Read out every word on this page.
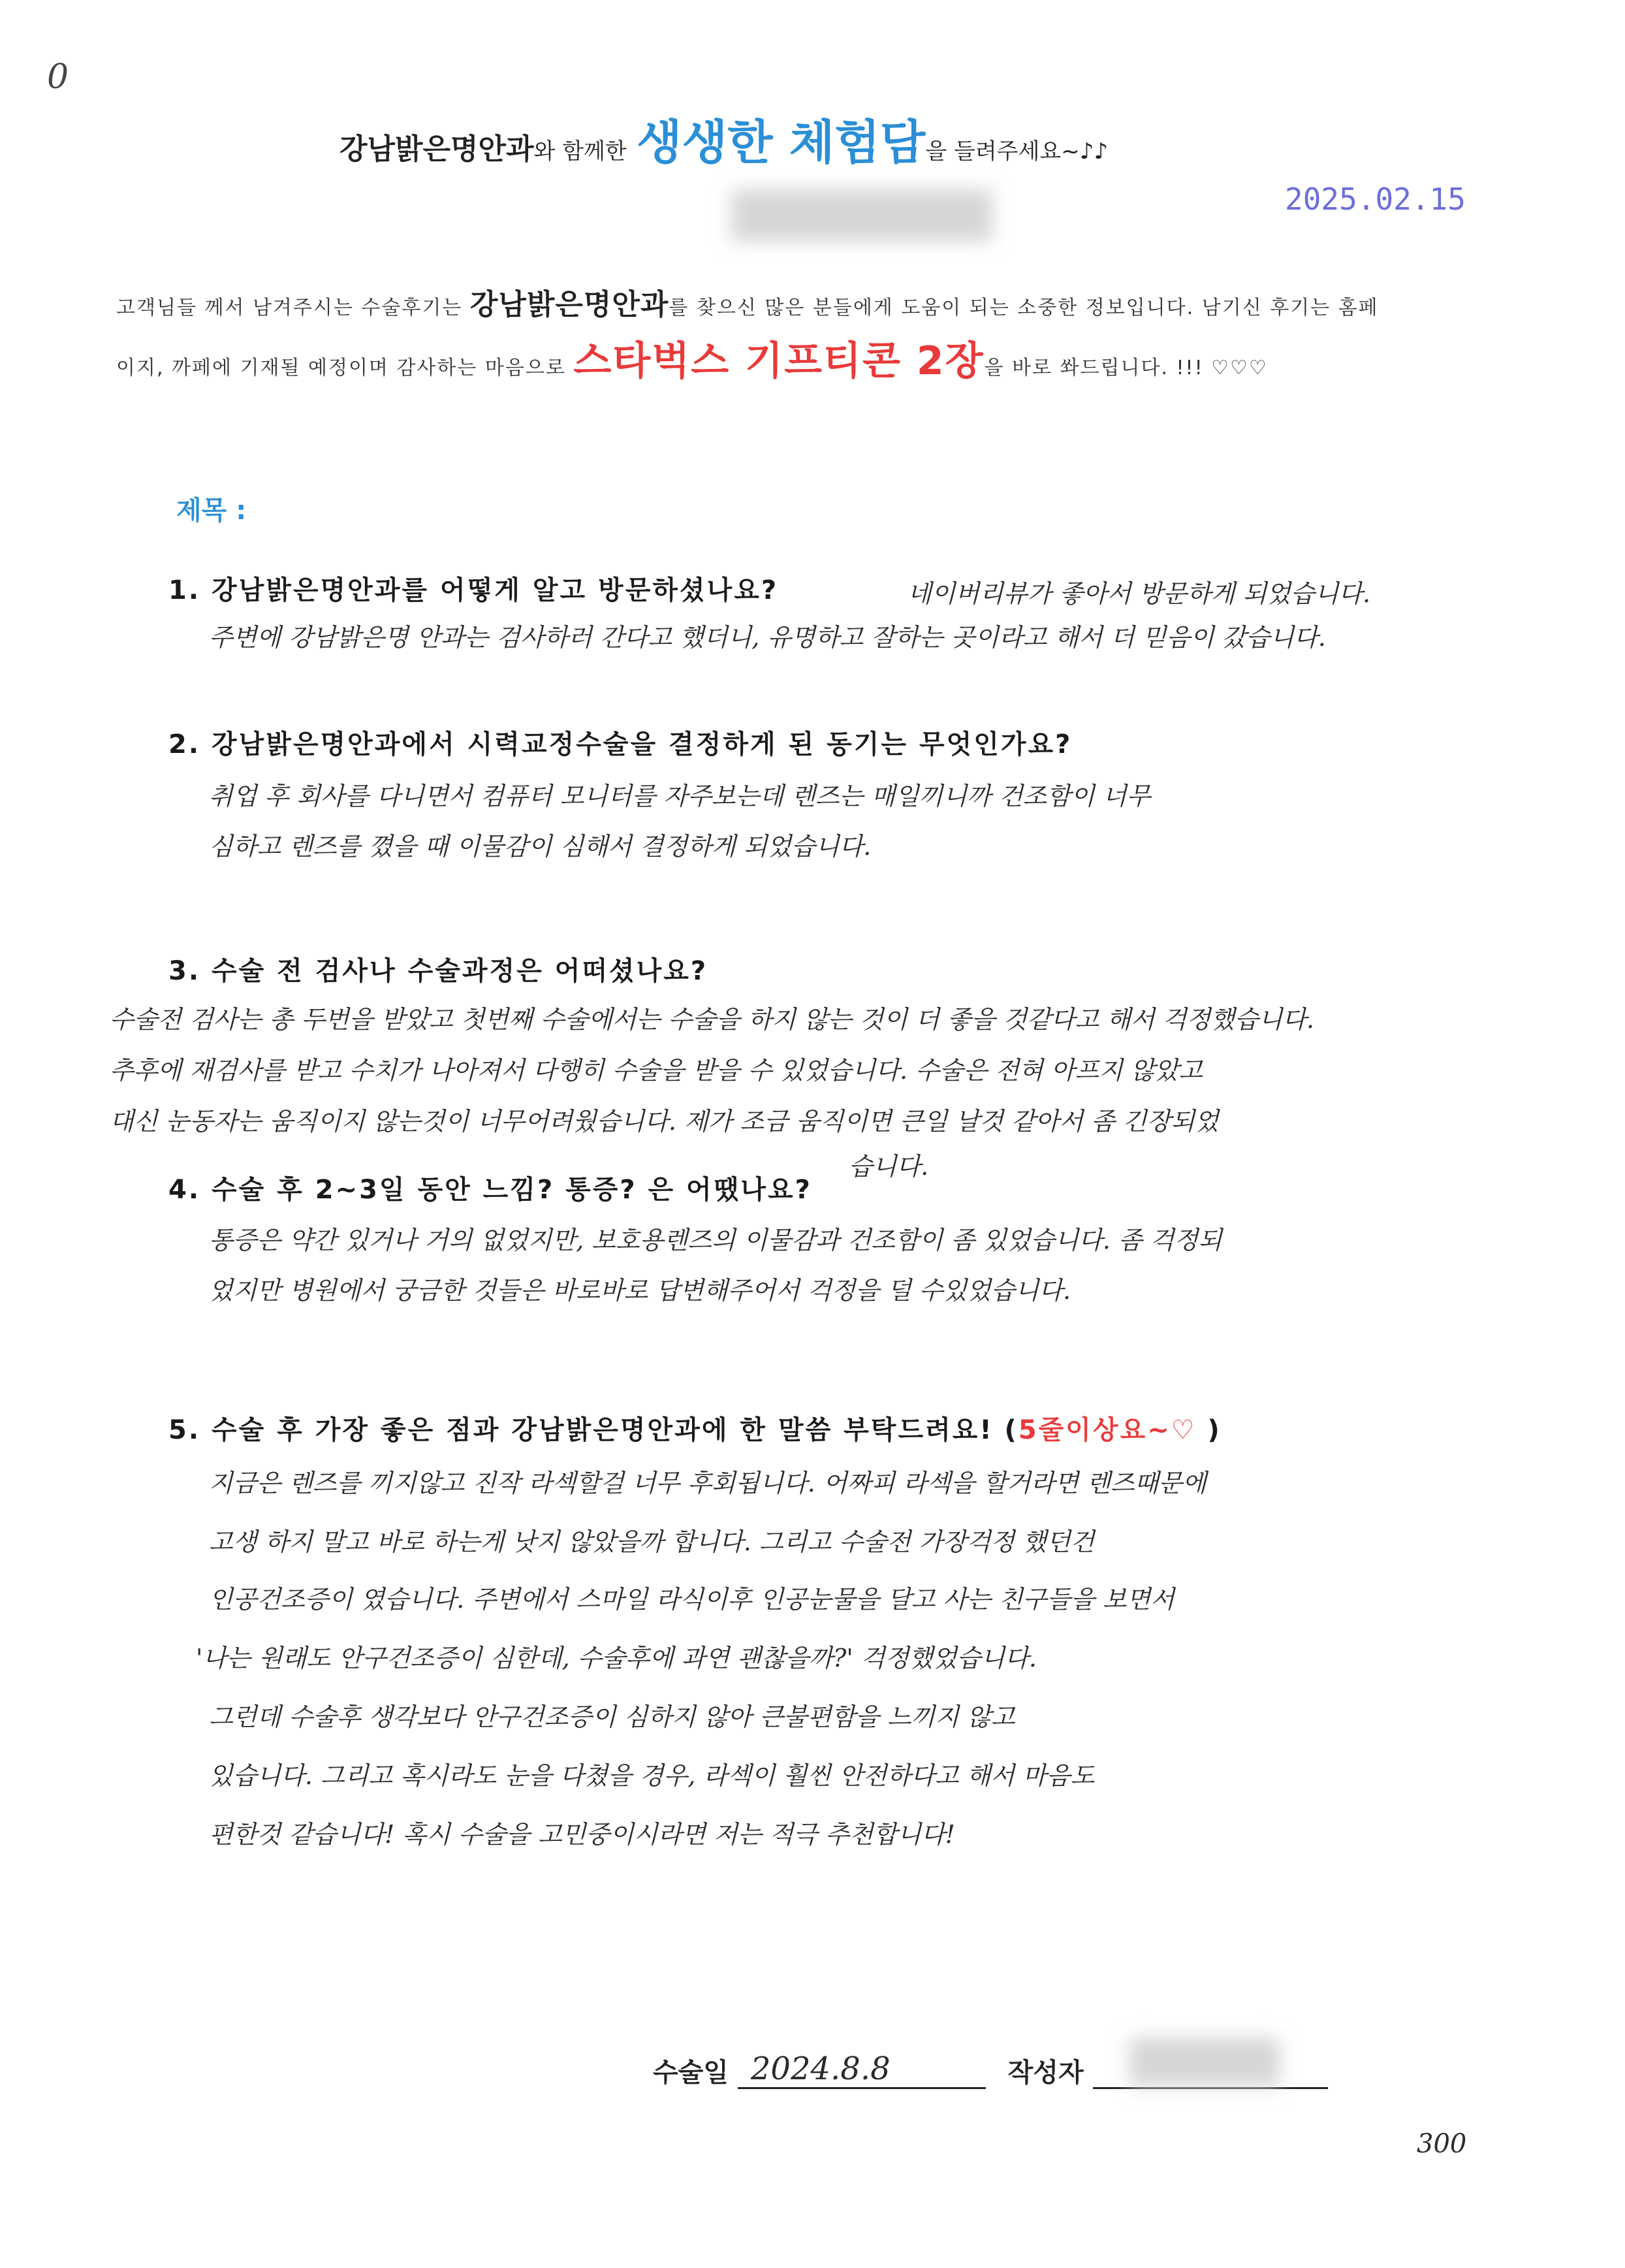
0
강남밝은명안과와 함께한 생생한 체험담을 들려주세요~♪♪
2025.02.15
고객님들 께서 남겨주시는 수술후기는 강남밝은명안과를 찾으신 많은 분들에게 도움이 되는 소중한 정보입니다. 남기신 후기는 홈페
이지, 까페에 기재될 예정이며 감사하는 마음으로 스타벅스 기프티콘 2장을 바로 쏴드립니다. !!! ♡♡♡
제목 :
1. 강남밝은명안과를 어떻게 알고 방문하셨나요?	네이버리뷰가 좋아서 방문하게 되었습니다.
주변에 강남밝은명 안과는 검사하러 간다고 했더니, 유명하고 잘하는 곳이라고 해서 더 믿음이 갔습니다.
2. 강남밝은명안과에서 시력교정수술을 결정하게 된 동기는 무엇인가요?
취업 후 회사를 다니면서 컴퓨터 모니터를 자주보는데 렌즈는 매일끼니까 건조함이 너무
심하고 렌즈를 꼈을 때 이물감이 심해서 결정하게 되었습니다.
3. 수술 전 검사나 수술과정은 어떠셨나요?
수술전 검사는 총 두번을 받았고 첫번째 수술에서는 수술을 하지 않는 것이 더 좋을 것같다고 해서 걱정했습니다.
추후에 재검사를 받고 수치가 나아져서 다행히 수술을 받을 수 있었습니다. 수술은 전혀 아프지 않았고
대신 눈동자는 움직이지 않는것이 너무어려웠습니다. 제가 조금 움직이면 큰일 날것 같아서 좀 긴장되었
습니다.
4. 수술 후 2~3일 동안 느낌? 통증? 은 어땠나요?
통증은 약간 있거나 거의 없었지만, 보호용렌즈의 이물감과 건조함이 좀 있었습니다. 좀 걱정되
었지만 병원에서 궁금한 것들은 바로바로 답변해주어서 걱정을 덜 수있었습니다.
5. 수술 후 가장 좋은 점과 강남밝은명안과에 한 말씀 부탁드려요! (5줄이상요~♡ )
지금은 렌즈를 끼지않고 진작 라섹할걸 너무 후회됩니다. 어짜피 라섹을 할거라면 렌즈때문에
고생 하지 말고 바로 하는게 낫지 않았을까 합니다. 그리고 수술전 가장걱정 했던건
인공건조증이 였습니다. 주변에서 스마일 라식이후 인공눈물을 달고 사는 친구들을 보면서
'나는 원래도 안구건조증이 심한데, 수술후에 과연 괜찮을까?' 걱정했었습니다.
그런데 수술후 생각보다 안구건조증이 심하지 않아 큰불편함을 느끼지 않고
있습니다. 그리고 혹시라도 눈을 다쳤을 경우, 라섹이 훨씬 안전하다고 해서 마음도
편한것 같습니다! 혹시 수술을 고민중이시라면 저는 적극 추천합니다!
수술일 2024.8.8	작성자
300
